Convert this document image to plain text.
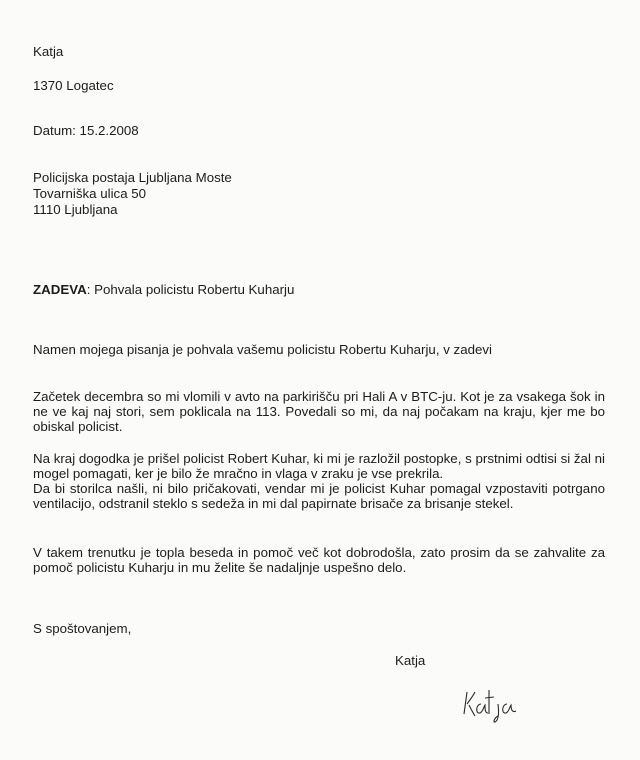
Katja

1370 Logatec

Datum: 15.2.2008

Policijska postaja Ljubljana Moste

Tovarniška ulica 50

1110 Ljubljana

ZADEVA: Pohvala policistu Robertu Kuharju

Namen mojega pisanja je pohvala vašemu policistu Robertu Kuharju, v zadevi

Začetek decembra so mi vlomili v avto na parkirišču pri Hali A v BTC-ju. Kot je za vsakega šok in ne ve kaj naj stori, sem poklicala na 113. Povedali so mi, da naj počakam na kraju, kjer me bo obiskal policist.

Na kraj dogodka je prišel policist Robert Kuhar, ki mi je razložil postopke, s prstnimi odtisi si žal ni mogel pomagati, ker je bilo že mračno in vlaga v zraku je vse prekrila.

Da bi storilca našli, ni bilo pričakovati, vendar mi je policist Kuhar pomagal vzpostaviti potrgano ventilacijo, odstranil steklo s sedeža in mi dal papirnate brisače za brisanje stekel.

V takem trenutku je topla beseda in pomoč več kot dobrodošla, zato prosim da se zahvalite za pomoč policistu Kuharju in mu želite še nadaljnje uspešno delo.

S spoštovanjem,

Katja
